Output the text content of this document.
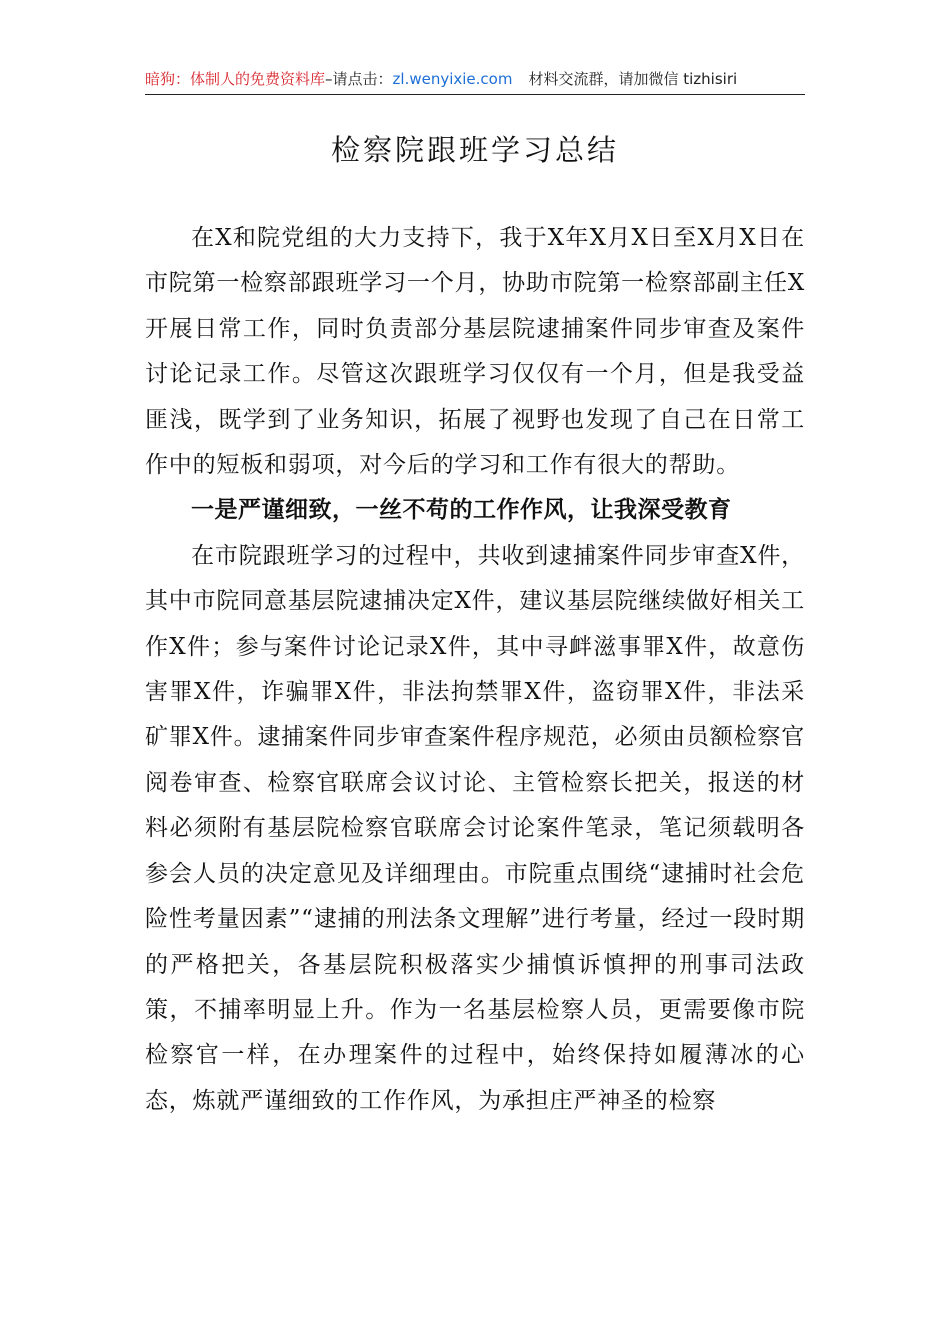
暗狗：体制人的免费资料库–请点击：zl.wenyixie.com 材料交流群，请加微信 tizhisiri
检察院跟班学习总结

在X和院党组的大力支持下，我于X年X月X日至X月X日在市院第一检察部跟班学习一个月，协助市院第一检察部副主任X开展日常工作，同时负责部分基层院逮捕案件同步审查及案件讨论记录工作。尽管这次跟班学习仅仅有一个月，但是我受益匪浅，既学到了业务知识，拓展了视野也发现了自己在日常工作中的短板和弱项，对今后的学习和工作有很大的帮助。

一是严谨细致，一丝不苟的工作作风，让我深受教育

在市院跟班学习的过程中，共收到逮捕案件同步审查X件，其中市院同意基层院逮捕决定X件，建议基层院继续做好相关工作X件；参与案件讨论记录X件，其中寻衅滋事罪X件，故意伤害罪X件，诈骗罪X件，非法拘禁罪X件，盗窃罪X件，非法采矿罪X件。逮捕案件同步审查案件程序规范，必须由员额检察官阅卷审查、检察官联席会议讨论、主管检察长把关，报送的材料必须附有基层院检察官联席会讨论案件笔录，笔记须载明各参会人员的决定意见及详细理由。市院重点围绕“逮捕时社会危险性考量因素”“逮捕的刑法条文理解”进行考量，经过一段时期的严格把关，各基层院积极落实少捕慎诉慎押的刑事司法政策，不捕率明显上升。作为一名基层检察人员，更需要像市院检察官一样，在办理案件的过程中，始终保持如履薄冰的心态，炼就严谨细致的工作作风，为承担庄严神圣的检察
